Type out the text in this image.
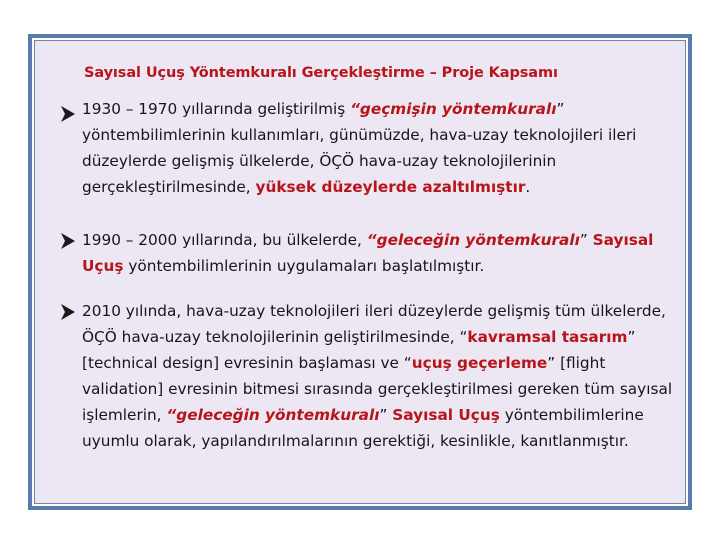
Sayısal Uçuş Yöntemkuralı Gerçekleştirme – Proje Kapsamı
1930 – 1970 yıllarında geliştirilmiş “geçmişin yöntemkuralı” yöntembilimlerinin kullanımları, günümüzde, hava-uzay teknolojileri ileri düzeylerde gelişmiş ülkelerde, ÖÇÖ hava-uzay teknolojilerinin gerçekleştirilmesinde, yüksek düzeylerde azaltılmıştır.
1990 – 2000 yıllarında, bu ülkelerde, “geleceğin yöntemkuralı” Sayısal Uçuş yöntembilimlerinin uygulamaları başlatılmıştır.
2010 yılında, hava-uzay teknolojileri ileri düzeylerde gelişmiş tüm ülkelerde, ÖÇÖ hava-uzay teknolojilerinin geliştirilmesinde, “kavramsal tasarım” [technical design] evresinin başlaması ve “uçuş geçerleme” [flight validation] evresinin bitmesi sırasında gerçekleştirilmesi gereken tüm sayısal işlemlerin, “geleceğin yöntemkuralı” Sayısal Uçuş yöntembilimlerine uyumlu olarak, yapılandırılmalarının gerektiği, kesinlikle, kanıtlanmıştır.
